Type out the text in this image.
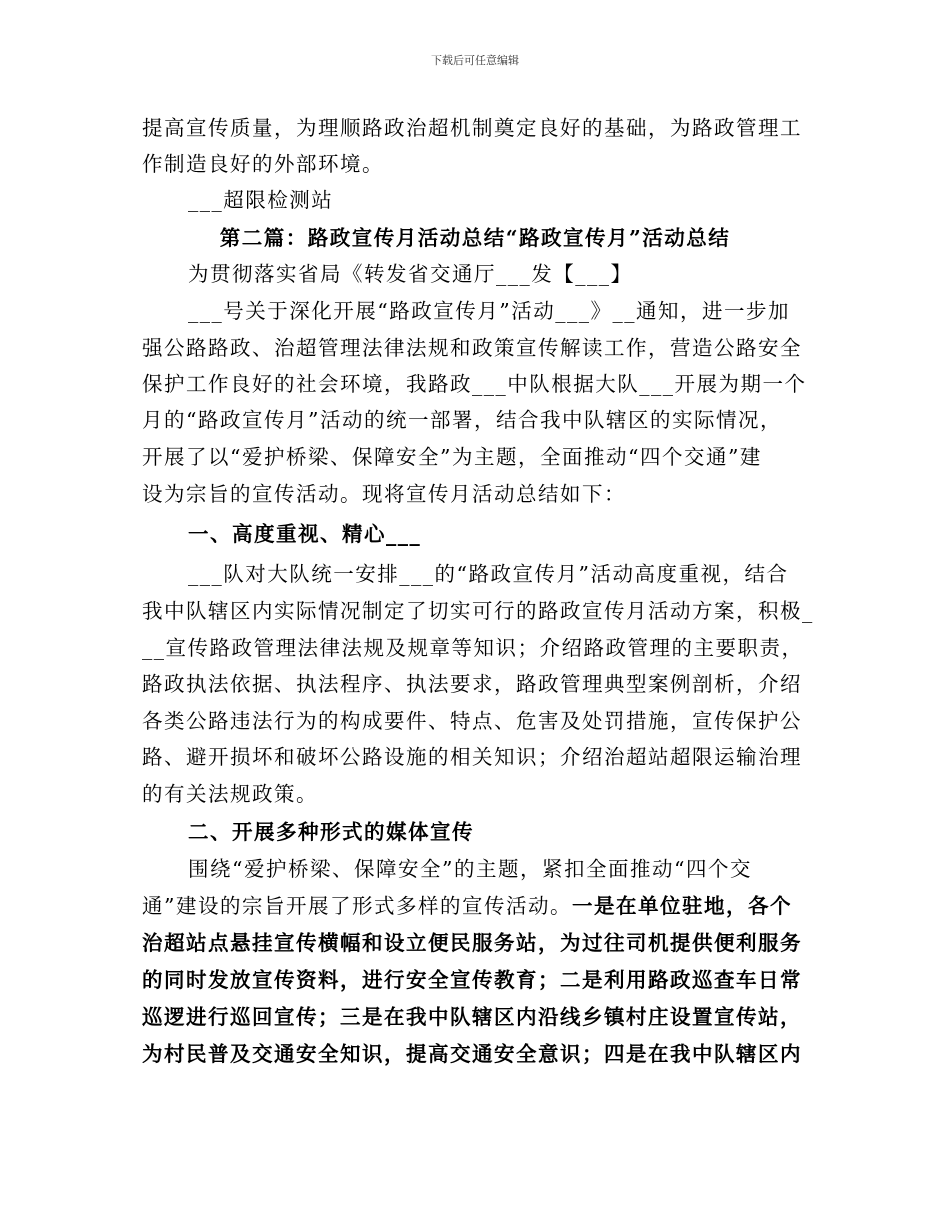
下载后可任意编辑
提高宣传质量，为理顺路政治超机制奠定良好的基础，为路政管理工
作制造良好的外部环境。
___超限检测站
第二篇：路政宣传月活动总结“路政宣传月”活动总结
为贯彻落实省局《转发省交通厅___发【___】
___号关于深化开展“路政宣传月”活动___》__通知，进一步加
强公路路政、治超管理法律法规和政策宣传解读工作，营造公路安全
保护工作良好的社会环境，我路政___中队根据大队___开展为期一个
月的“路政宣传月”活动的统一部署，结合我中队辖区的实际情况，
开展了以“爱护桥梁、保障安全”为主题，全面推动“四个交通”建
设为宗旨的宣传活动。现将宣传月活动总结如下：
一、高度重视、精心___
___队对大队统一安排___的“路政宣传月”活动高度重视，结合
我中队辖区内实际情况制定了切实可行的路政宣传月活动方案，积极_
__宣传路政管理法律法规及规章等知识；介绍路政管理的主要职责，
路政执法依据、执法程序、执法要求，路政管理典型案例剖析，介绍
各类公路违法行为的构成要件、特点、危害及处罚措施，宣传保护公
路、避开损坏和破坏公路设施的相关知识；介绍治超站超限运输治理
的有关法规政策。
二、开展多种形式的媒体宣传
围绕“爱护桥梁、保障安全”的主题，紧扣全面推动“四个交
通”建设的宗旨开展了形式多样的宣传活动。一是在单位驻地，各个
治超站点悬挂宣传横幅和设立便民服务站，为过往司机提供便利服务
的同时发放宣传资料，进行安全宣传教育；二是利用路政巡查车日常
巡逻进行巡回宣传；三是在我中队辖区内沿线乡镇村庄设置宣传站，
为村民普及交通安全知识，提高交通安全意识；四是在我中队辖区内
